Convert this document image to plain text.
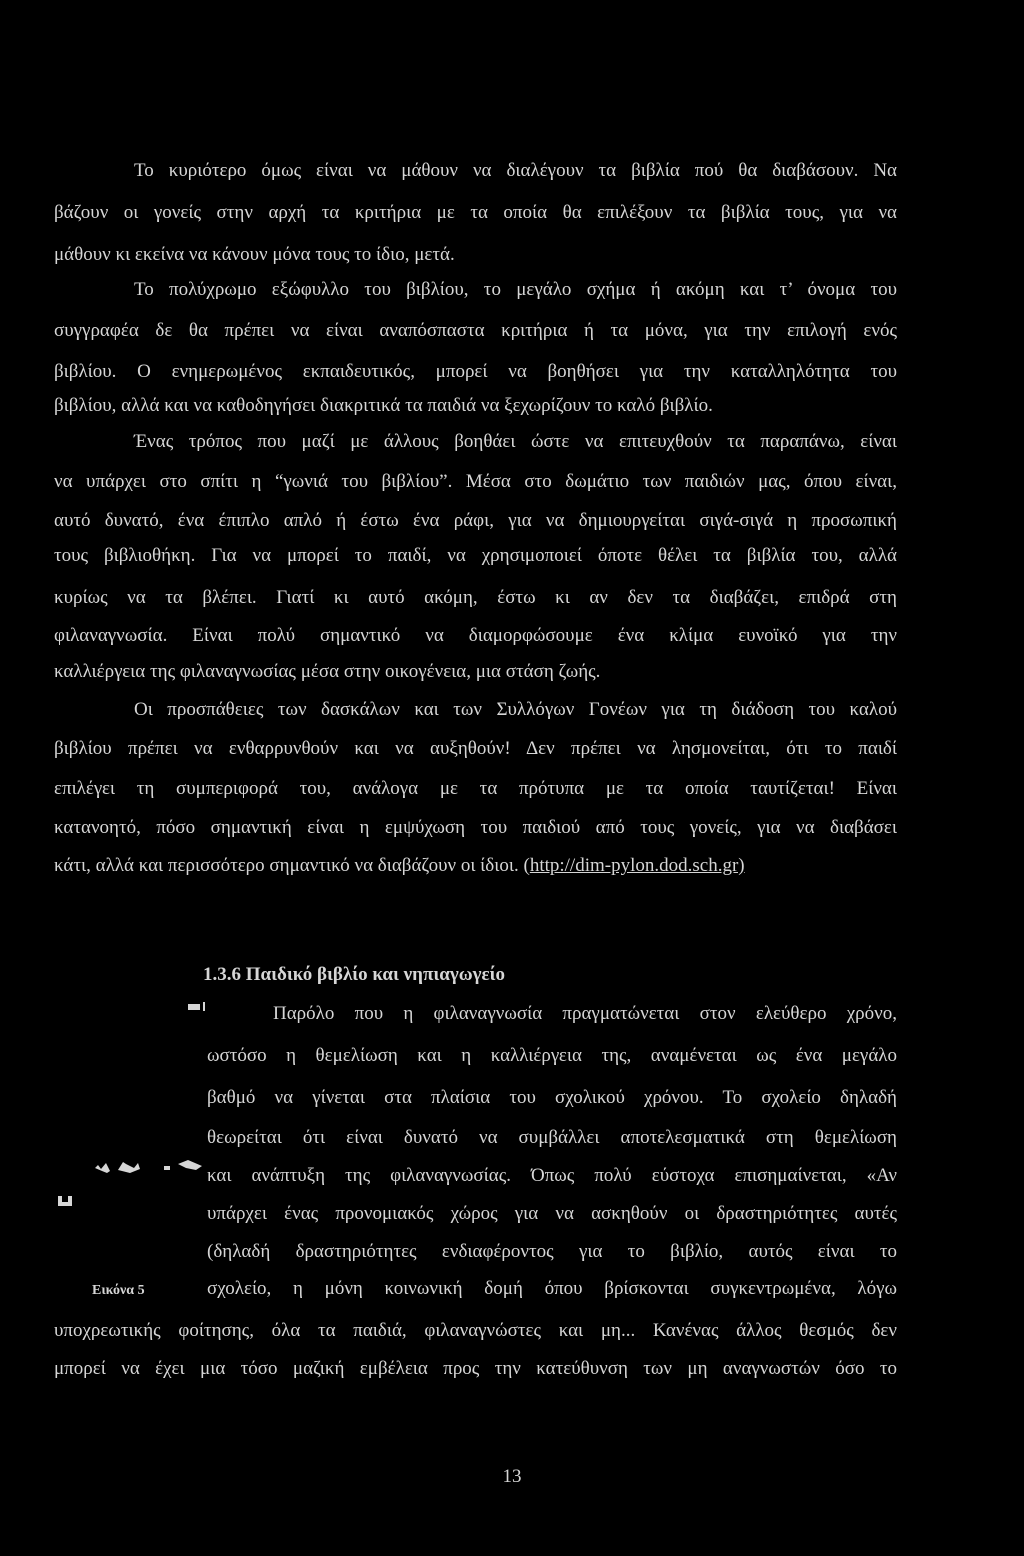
Το κυριότερο όμως είναι να μάθουν να διαλέγουν τα βιβλία πού θα διαβάσουν. Να
βάζουν οι γονείς στην αρχή τα κριτήρια με τα οποία θα επιλέξουν τα βιβλία τους, για να
μάθουν κι εκείνα να κάνουν μόνα τους το ίδιο, μετά.
Το πολύχρωμο εξώφυλλο του βιβλίου, το μεγάλο σχήμα ή ακόμη και τ’ όνομα του
συγγραφέα δε θα πρέπει να είναι αναπόσπαστα κριτήρια ή τα μόνα, για την επιλογή ενός
βιβλίου. Ο ενημερωμένος εκπαιδευτικός, μπορεί να βοηθήσει για την καταλληλότητα του
βιβλίου, αλλά και να καθοδηγήσει διακριτικά τα παιδιά να ξεχωρίζουν το καλό βιβλίο.
Ένας τρόπος που μαζί με άλλους βοηθάει ώστε να επιτευχθούν τα παραπάνω, είναι
να υπάρχει στο σπίτι η “γωνιά του βιβλίου”. Μέσα στο δωμάτιο των παιδιών μας, όπου είναι,
αυτό δυνατό, ένα έπιπλο απλό ή έστω ένα ράφι, για να δημιουργείται σιγά-σιγά η προσωπική
τους βιβλιοθήκη. Για να μπορεί το παιδί, να χρησιμοποιεί όποτε θέλει τα βιβλία του, αλλά
κυρίως να τα βλέπει. Γιατί κι αυτό ακόμη, έστω κι αν δεν τα διαβάζει, επιδρά στη
φιλαναγνωσία. Είναι πολύ σημαντικό να διαμορφώσουμε ένα κλίμα ευνοϊκό για την
καλλιέργεια της φιλαναγνωσίας μέσα στην οικογένεια, μια στάση ζωής.
Οι προσπάθειες των δασκάλων και των Συλλόγων Γονέων για τη διάδοση του καλού
βιβλίου πρέπει να ενθαρρυνθούν και να αυξηθούν! Δεν πρέπει να λησμονείται, ότι το παιδί
επιλέγει τη συμπεριφορά του, ανάλογα με τα πρότυπα με τα οποία ταυτίζεται! Είναι
κατανοητό, πόσο σημαντική είναι η εμψύχωση του παιδιού από τους γονείς, για να διαβάσει
κάτι, αλλά και περισσότερο σημαντικό να διαβάζουν οι ίδιοι. (http://dim-pylon.dod.sch.gr)
1.3.6 Παιδικό βιβλίο και νηπιαγωγείο
Παρόλο που η φιλαναγνωσία πραγματώνεται στον ελεύθερο χρόνο,
ωστόσο η θεμελίωση και η καλλιέργεια της, αναμένεται ως ένα μεγάλο
βαθμό να γίνεται στα πλαίσια του σχολικού χρόνου. Το σχολείο δηλαδή
θεωρείται ότι είναι δυνατό να συμβάλλει αποτελεσματικά στη θεμελίωση
και ανάπτυξη της φιλαναγνωσίας. Όπως πολύ εύστοχα επισημαίνεται, «Αν
υπάρχει ένας προνομιακός χώρος για να ασκηθούν οι δραστηριότητες αυτές
(δηλαδή δραστηριότητες ενδιαφέροντος για το βιβλίο, αυτός είναι το
σχολείο, η μόνη κοινωνική δομή όπου βρίσκονται συγκεντρωμένα, λόγω
Εικόνα 5
υποχρεωτικής φοίτησης, όλα τα παιδιά, φιλαναγνώστες και μη... Κανένας άλλος θεσμός δεν
μπορεί να έχει μια τόσο μαζική εμβέλεια προς την κατεύθυνση των μη αναγνωστών όσο το
13
